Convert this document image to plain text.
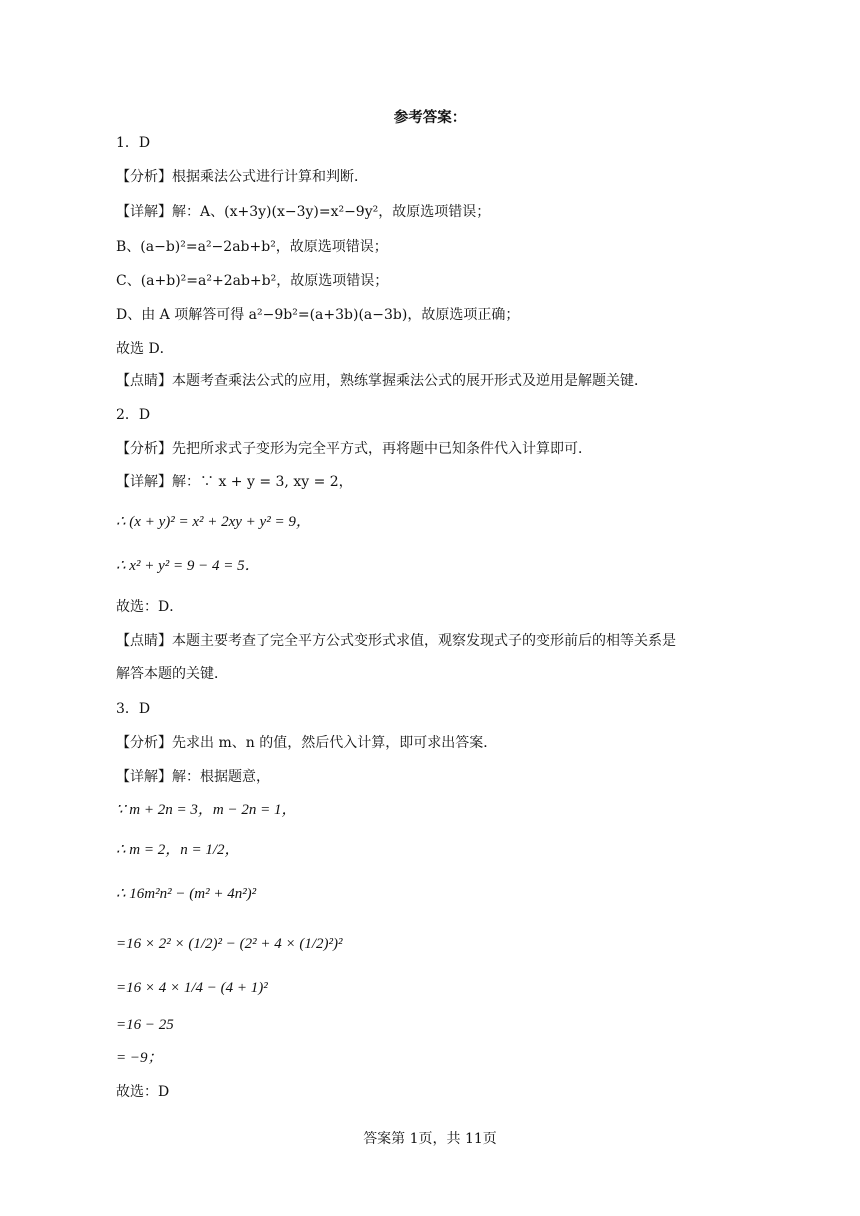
参考答案：
1．D
【分析】根据乘法公式进行计算和判断．
【详解】解：A、(x+3y)(x−3y)=x²−9y²，故原选项错误；
B、(a−b)²=a²−2ab+b²，故原选项错误；
C、(a+b)²=a²+2ab+b²，故原选项错误；
D、由 A 项解答可得 a²−9b²=(a+3b)(a−3b)，故原选项正确；
故选 D．
【点睛】本题考查乘法公式的应用，熟练掌握乘法公式的展开形式及逆用是解题关键．
2．D
【分析】先把所求式子变形为完全平方式，再将题中已知条件代入计算即可．
【详解】解：∵ x + y = 3, xy = 2，
∴ (x + y)² = x² + 2xy + y² = 9，
∴ x² + y² = 9 − 4 = 5．
故选：D．
【点睛】本题主要考查了完全平方公式变形式求值，观察发现式子的变形前后的相等关系是
解答本题的关键．
3．D
【分析】先求出 m、n 的值，然后代入计算，即可求出答案．
【详解】解：根据题意，
∵ m + 2n = 3，m − 2n = 1，
∴ m = 2，n = 1/2，
∴ 16m²n² − (m² + 4n²)²
=16 × 2² × (1/2)² − (2² + 4 × (1/2)²)²
=16 × 4 × 1/4 − (4 + 1)²
=16 − 25
= −9；
故选：D
答案第 1页，共 11页
